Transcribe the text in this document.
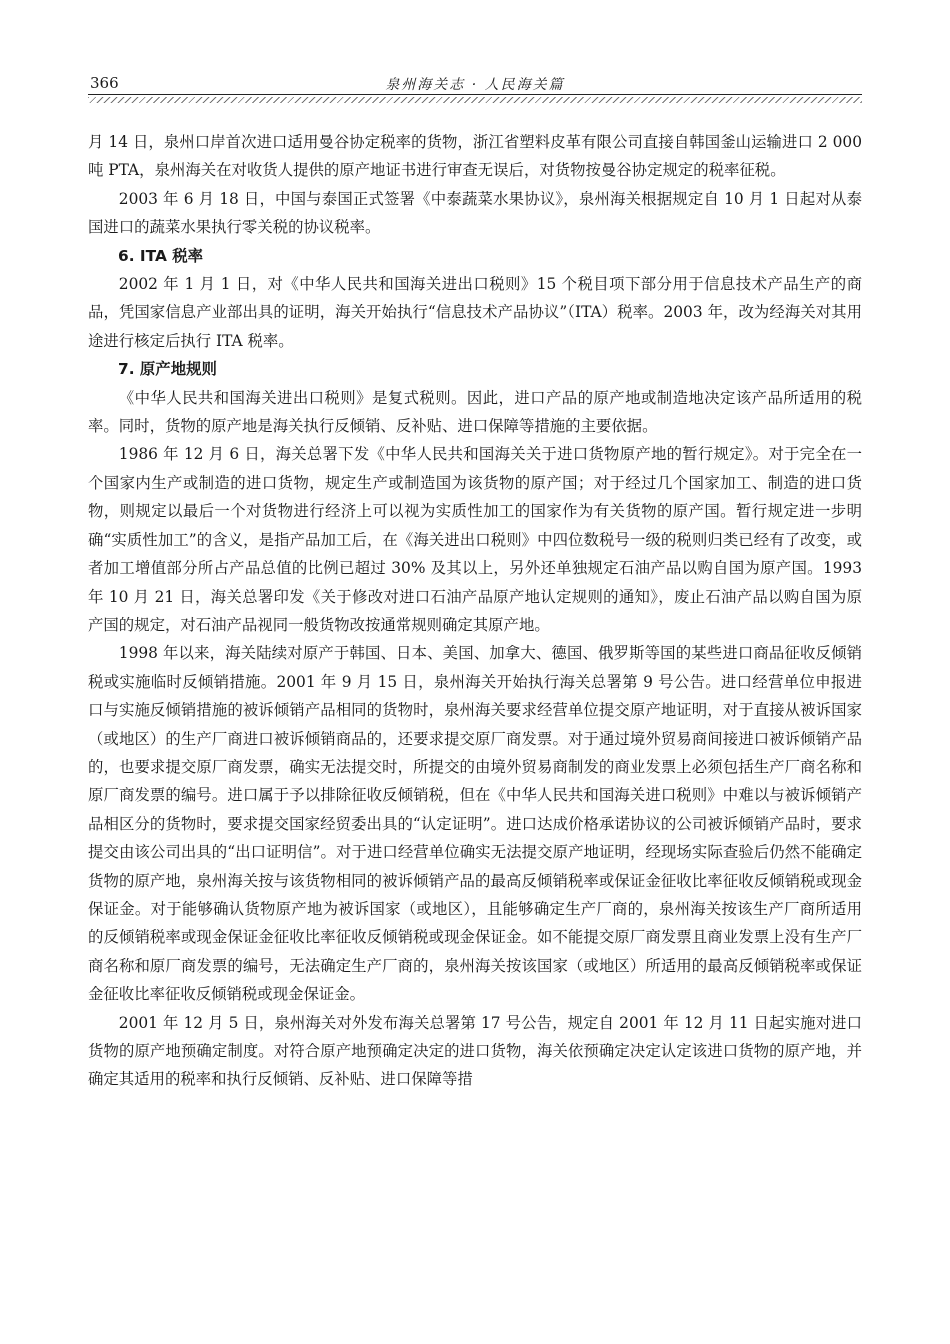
366	泉州海关志 · 人民海关篇

月 14 日，泉州口岸首次进口适用曼谷协定税率的货物，浙江省塑料皮革有限公司直接自韩国釜山运输进口 2 000 吨 PTA，泉州海关在对收货人提供的原产地证书进行审查无误后，对货物按曼谷协定规定的税率征税。

2003 年 6 月 18 日，中国与泰国正式签署《中泰蔬菜水果协议》，泉州海关根据规定自 10 月 1 日起对从泰国进口的蔬菜水果执行零关税的协议税率。

6. ITA 税率

2002 年 1 月 1 日，对《中华人民共和国海关进出口税则》15 个税目项下部分用于信息技术产品生产的商品，凭国家信息产业部出具的证明，海关开始执行“信息技术产品协议”（ITA）税率。2003 年，改为经海关对其用途进行核定后执行 ITA 税率。

7. 原产地规则

《中华人民共和国海关进出口税则》是复式税则。因此，进口产品的原产地或制造地决定该产品所适用的税率。同时，货物的原产地是海关执行反倾销、反补贴、进口保障等措施的主要依据。

1986 年 12 月 6 日，海关总署下发《中华人民共和国海关关于进口货物原产地的暂行规定》。对于完全在一个国家内生产或制造的进口货物，规定生产或制造国为该货物的原产国；对于经过几个国家加工、制造的进口货物，则规定以最后一个对货物进行经济上可以视为实质性加工的国家作为有关货物的原产国。暂行规定进一步明确“实质性加工”的含义，是指产品加工后，在《海关进出口税则》中四位数税号一级的税则归类已经有了改变，或者加工增值部分所占产品总值的比例已超过 30% 及其以上，另外还单独规定石油产品以购自国为原产国。1993 年 10 月 21 日，海关总署印发《关于修改对进口石油产品原产地认定规则的通知》，废止石油产品以购自国为原产国的规定，对石油产品视同一般货物改按通常规则确定其原产地。

1998 年以来，海关陆续对原产于韩国、日本、美国、加拿大、德国、俄罗斯等国的某些进口商品征收反倾销税或实施临时反倾销措施。2001 年 9 月 15 日，泉州海关开始执行海关总署第 9 号公告。进口经营单位申报进口与实施反倾销措施的被诉倾销产品相同的货物时，泉州海关要求经营单位提交原产地证明，对于直接从被诉国家（或地区）的生产厂商进口被诉倾销商品的，还要求提交原厂商发票。对于通过境外贸易商间接进口被诉倾销产品的，也要求提交原厂商发票，确实无法提交时，所提交的由境外贸易商制发的商业发票上必须包括生产厂商名称和原厂商发票的编号。进口属于予以排除征收反倾销税，但在《中华人民共和国海关进口税则》中难以与被诉倾销产品相区分的货物时，要求提交国家经贸委出具的“认定证明”。进口达成价格承诺协议的公司被诉倾销产品时，要求提交由该公司出具的“出口证明信”。对于进口经营单位确实无法提交原产地证明，经现场实际查验后仍然不能确定货物的原产地，泉州海关按与该货物相同的被诉倾销产品的最高反倾销税率或保证金征收比率征收反倾销税或现金保证金。对于能够确认货物原产地为被诉国家（或地区），且能够确定生产厂商的，泉州海关按该生产厂商所适用的反倾销税率或现金保证金征收比率征收反倾销税或现金保证金。如不能提交原厂商发票且商业发票上没有生产厂商名称和原厂商发票的编号，无法确定生产厂商的，泉州海关按该国家（或地区）所适用的最高反倾销税率或保证金征收比率征收反倾销税或现金保证金。

2001 年 12 月 5 日，泉州海关对外发布海关总署第 17 号公告，规定自 2001 年 12 月 11 日起实施对进口货物的原产地预确定制度。对符合原产地预确定决定的进口货物，海关依预确定决定认定该进口货物的原产地，并确定其适用的税率和执行反倾销、反补贴、进口保障等措
